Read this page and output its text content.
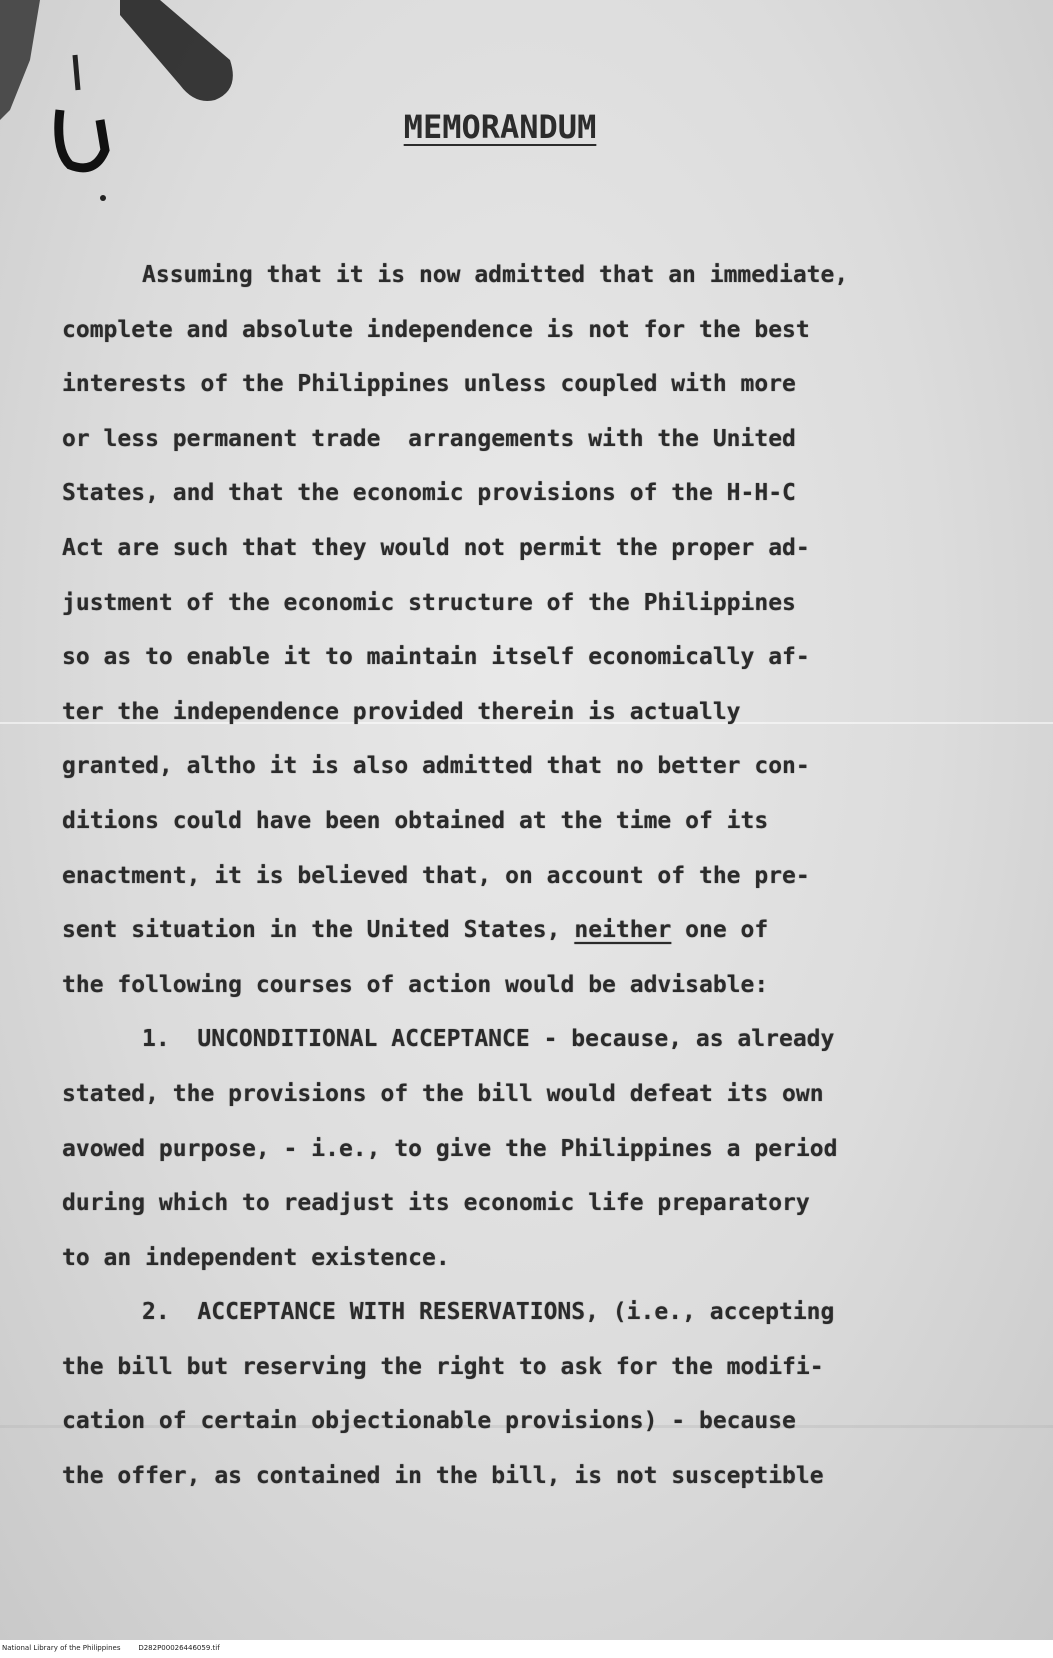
MEMORANDUM
Assuming that it is now admitted that an immediate,
complete and absolute independence is not for the best
interests of the Philippines unless coupled with more
or less permanent trade  arrangements with the United
States, and that the economic provisions of the H-H-C
Act are such that they would not permit the proper ad-
justment of the economic structure of the Philippines
so as to enable it to maintain itself economically af-
ter the independence provided therein is actually
granted, altho it is also admitted that no better con-
ditions could have been obtained at the time of its
enactment, it is believed that, on account of the pre-
sent situation in the United States, neither one of
the following courses of action would be advisable:
1.  UNCONDITIONAL ACCEPTANCE - because, as already
stated, the provisions of the bill would defeat its own
avowed purpose, - i.e., to give the Philippines a period
during which to readjust its economic life preparatory
to an independent existence.
2.  ACCEPTANCE WITH RESERVATIONS, (i.e., accepting
the bill but reserving the right to ask for the modifi-
cation of certain objectionable provisions) - because
the offer, as contained in the bill, is not susceptible
National Library of the Philippines	D282P00026446059.tif
